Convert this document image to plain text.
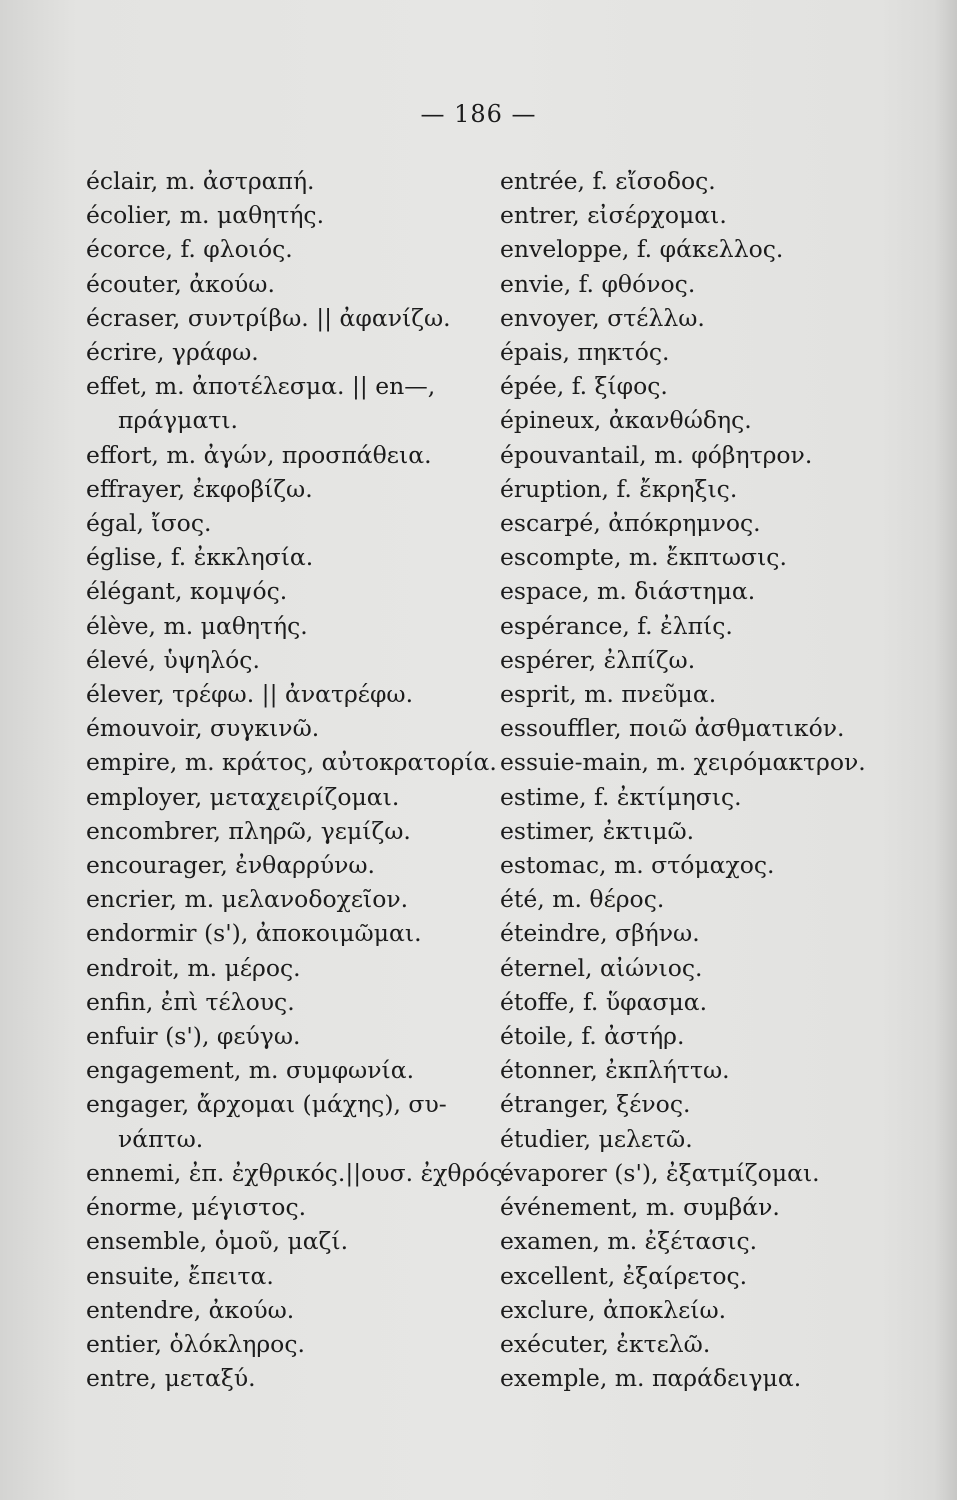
— 186 —
éclair, m. ἀστραπή.
écolier, m. μαθητής.
écorce, f. φλοιός.
écouter, ἀκούω.
écraser, συντρίβω. || ἀφανίζω.
écrire, γράφω.
effet, m. ἀποτέλεσμα. || en—,
πράγματι.
effort, m. ἀγών, προσπάθεια.
effrayer, ἐκφοβίζω.
égal, ἴσος.
église, f. ἐκκλησία.
élégant, κομψός.
élève, m. μαθητής.
élevé, ὑψηλός.
élever, τρέφω. || ἀνατρέφω.
émouvoir, συγκινῶ.
empire, m. κράτος, αὐτοκρατορία.
employer, μεταχειρίζομαι.
encombrer, πληρῶ, γεμίζω.
encourager, ἐνθαρρύνω.
encrier, m. μελανοδοχεῖον.
endormir (s'), ἀποκοιμῶμαι.
endroit, m. μέρος.
enfin, ἐπὶ τέλους.
enfuir (s'), φεύγω.
engagement, m. συμφωνία.
engager, ἄρχομαι (μάχης), συ-
νάπτω.
ennemi, ἐπ. ἐχθρικός.||ουσ. ἐχθρός.
énorme, μέγιστος.
ensemble, ὁμοῦ, μαζί.
ensuite, ἔπειτα.
entendre, ἀκούω.
entier, ὁλόκληρος.
entre, μεταξύ.
entrée, f. εἴσοδος.
entrer, εἰσέρχομαι.
enveloppe, f. φάκελλος.
envie, f. φθόνος.
envoyer, στέλλω.
épais, πηκτός.
épée, f. ξίφος.
épineux, ἀκανθώδης.
épouvantail, m. φόβητρον.
éruption, f. ἔκρηξις.
escarpé, ἀπόκρημνος.
escompte, m. ἔκπτωσις.
espace, m. διάστημα.
espérance, f. ἐλπίς.
espérer, ἐλπίζω.
esprit, m. πνεῦμα.
essouffler, ποιῶ ἀσθματικόν.
essuie-main, m. χειρόμακτρον.
estime, f. ἐκτίμησις.
estimer, ἐκτιμῶ.
estomac, m. στόμαχος.
été, m. θέρος.
éteindre, σβήνω.
éternel, αἰώνιος.
étoffe, f. ὕφασμα.
étoile, f. ἀστήρ.
étonner, ἐκπλήττω.
étranger, ξένος.
étudier, μελετῶ.
évaporer (s'), ἐξατμίζομαι.
événement, m. συμβάν.
examen, m. ἐξέτασις.
excellent, ἐξαίρετος.
exclure, ἀποκλείω.
exécuter, ἐκτελῶ.
exemple, m. παράδειγμα.
